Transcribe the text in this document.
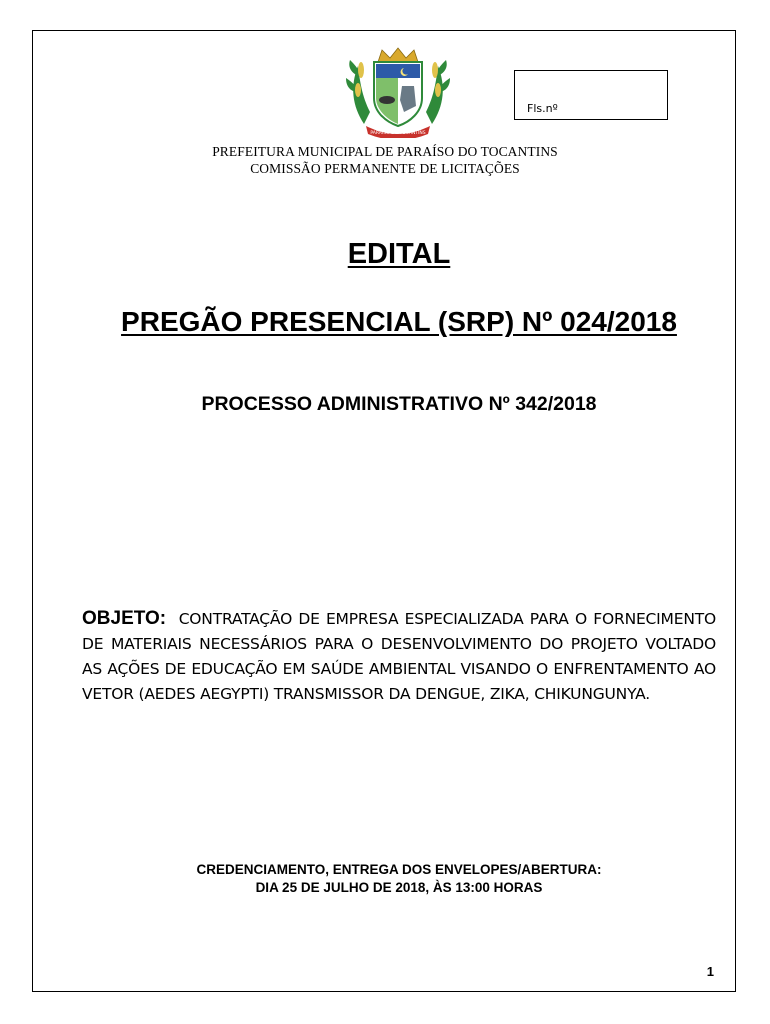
PARAÍSO DO TOCANTINS
Fls.nº
PREFEITURA MUNICIPAL DE PARAÍSO DO TOCANTINS
COMISSÃO PERMANENTE DE LICITAÇÕES
EDITAL
PREGÃO PRESENCIAL (SRP) Nº 024/2018
PROCESSO ADMINISTRATIVO Nº 342/2018
OBJETO: CONTRATAÇÃO DE EMPRESA ESPECIALIZADA PARA O FORNECIMENTO DE MATERIAIS NECESSÁRIOS PARA O DESENVOLVIMENTO DO PROJETO VOLTADO AS AÇÕES DE EDUCAÇÃO EM SAÚDE AMBIENTAL VISANDO O ENFRENTAMENTO AO VETOR (AEDES AEGYPTI) TRANSMISSOR DA DENGUE, ZIKA, CHIKUNGUNYA.
CREDENCIAMENTO, ENTREGA DOS ENVELOPES/ABERTURA:
DIA 25 DE JULHO DE 2018, ÀS 13:00 HORAS
1
